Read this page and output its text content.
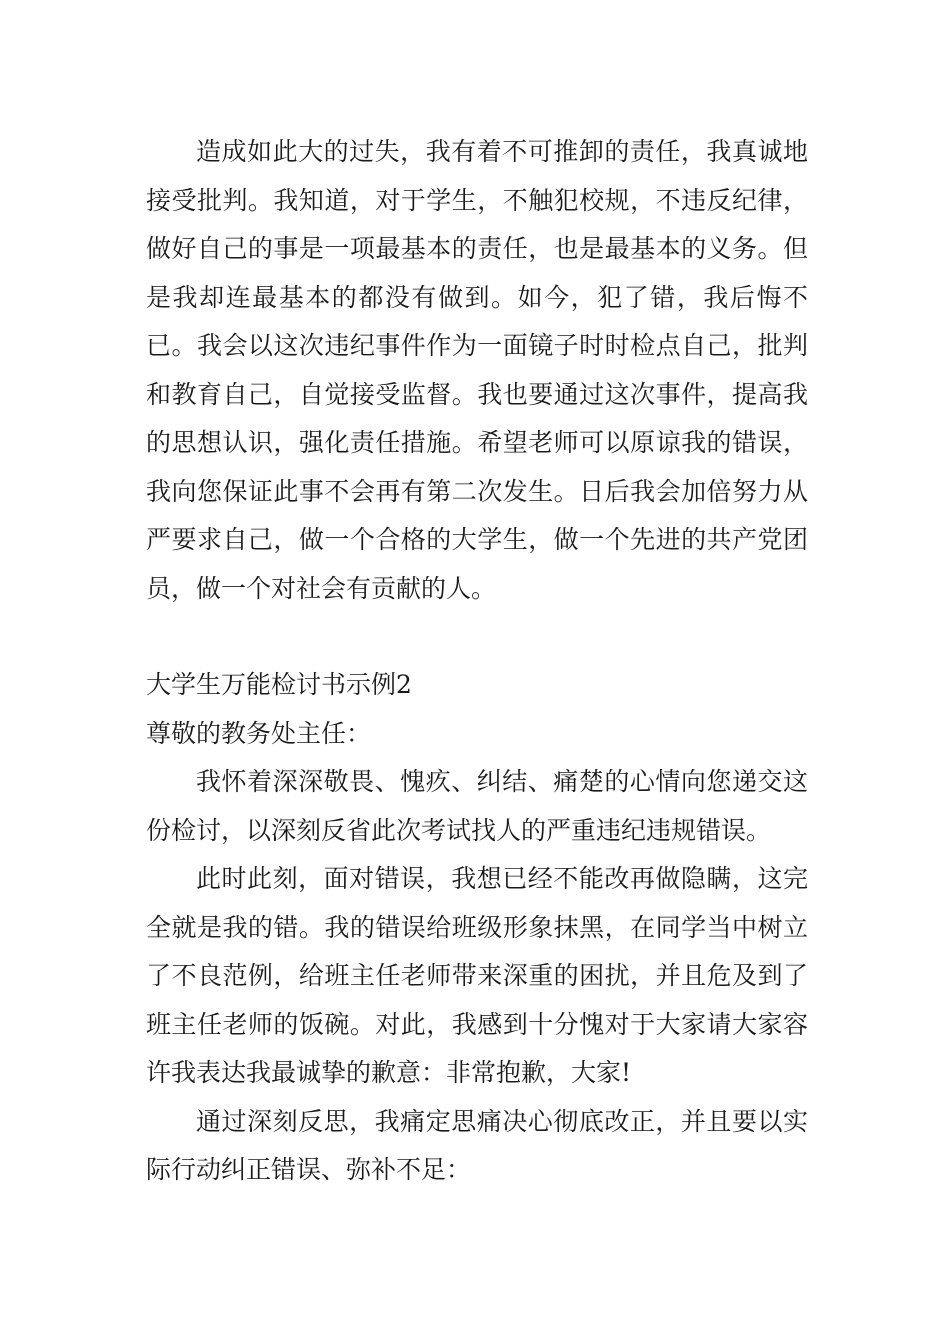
造成如此大的过失，我有着不可推卸的责任，我真诚地接受批判。我知道，对于学生，不触犯校规，不违反纪律，做好自己的事是一项最基本的责任，也是最基本的义务。但是我却连最基本的都没有做到。如今，犯了错，我后悔不已。我会以这次违纪事件作为一面镜子时时检点自己，批判和教育自己，自觉接受监督。我也要通过这次事件，提高我的思想认识，强化责任措施。希望老师可以原谅我的错误，我向您保证此事不会再有第二次发生。日后我会加倍努力从严要求自己，做一个合格的大学生，做一个先进的共产党团员，做一个对社会有贡献的人。

大学生万能检讨书示例2

尊敬的教务处主任：

我怀着深深敬畏、愧疚、纠结、痛楚的心情向您递交这份检讨，以深刻反省此次考试找人的严重违纪违规错误。

此时此刻，面对错误，我想已经不能改再做隐瞒，这完全就是我的错。我的错误给班级形象抹黑，在同学当中树立了不良范例，给班主任老师带来深重的困扰，并且危及到了班主任老师的饭碗。对此，我感到十分愧对于大家请大家容许我表达我最诚挚的歉意：非常抱歉，大家!

通过深刻反思，我痛定思痛决心彻底改正，并且要以实际行动纠正错误、弥补不足：
